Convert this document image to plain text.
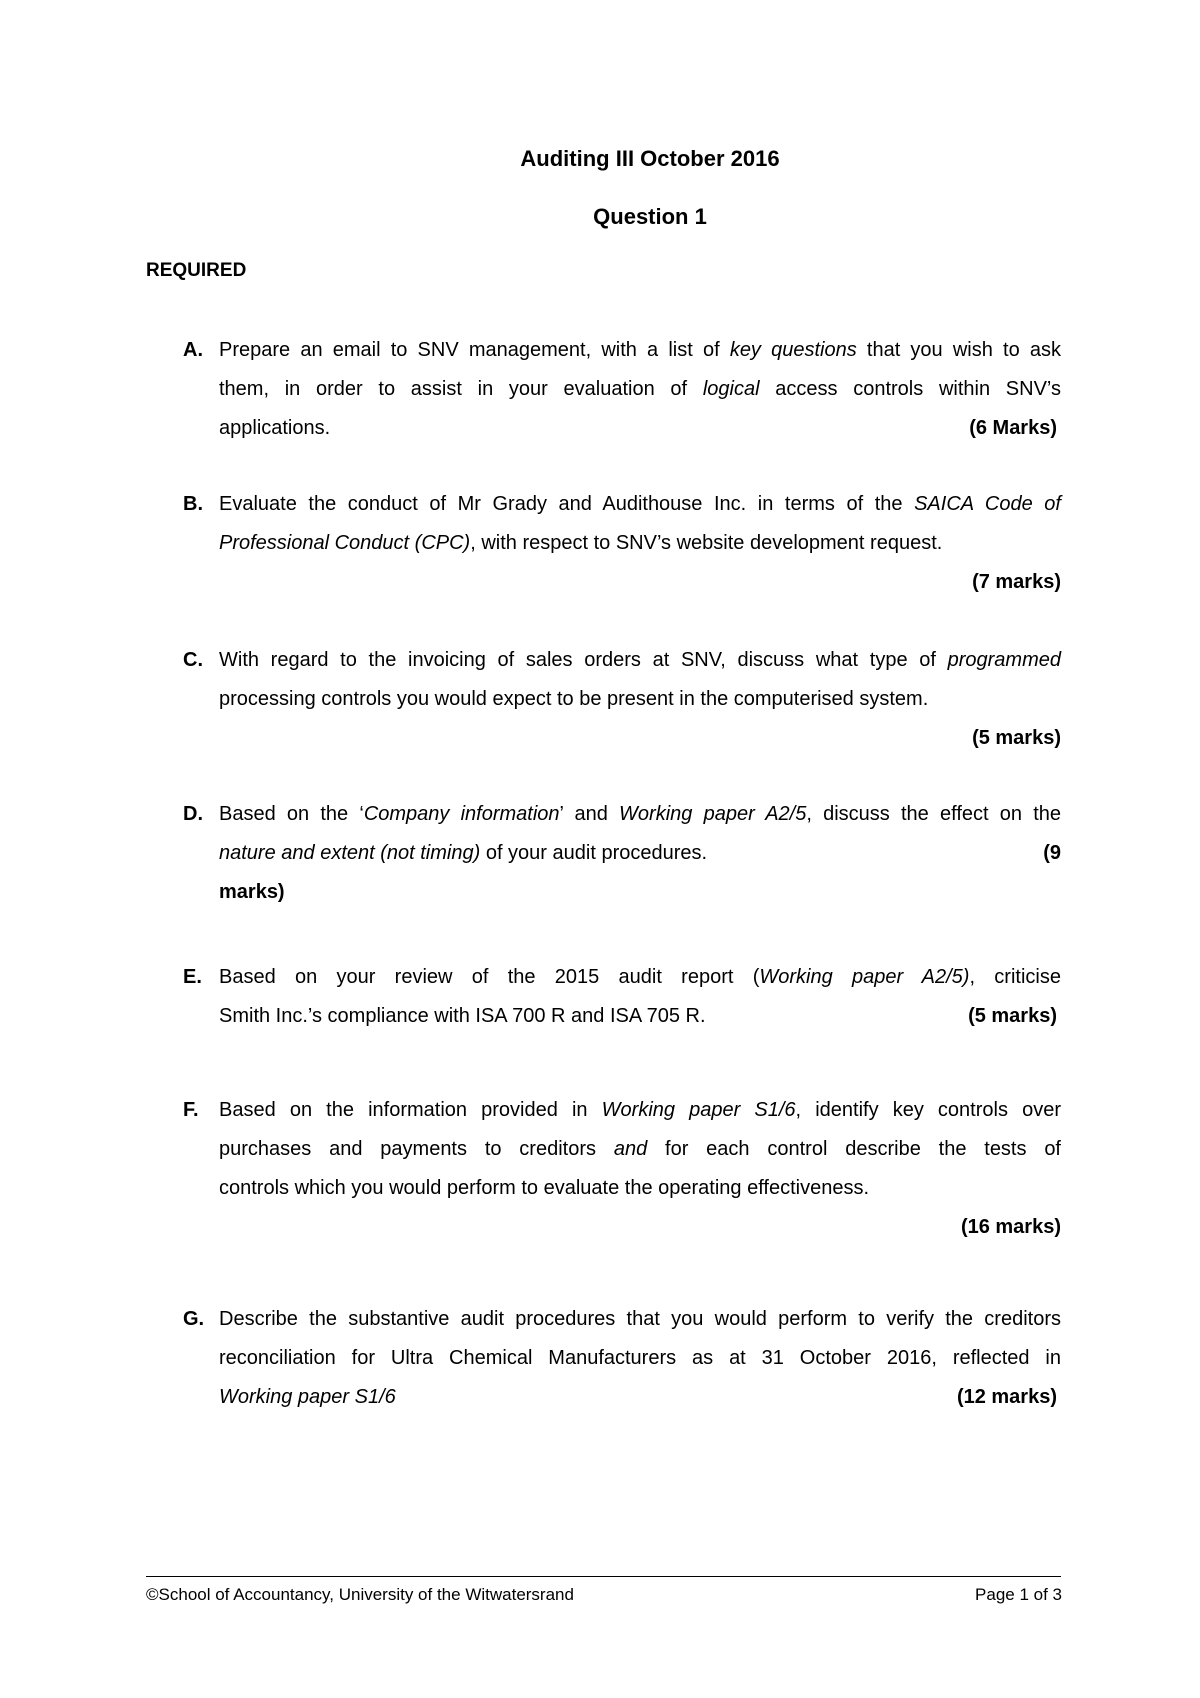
Auditing III October 2016
Question 1
REQUIRED
A. Prepare an email to SNV management, with a list of key questions that you wish to ask
them, in order to assist in your evaluation of logical access controls within SNV’s
applications.	(6 Marks)
B. Evaluate the conduct of Mr Grady and Audithouse Inc. in terms of the SAICA Code of
Professional Conduct (CPC), with respect to SNV’s website development request.
(7 marks)
C. With regard to the invoicing of sales orders at SNV, discuss what type of programmed
processing controls you would expect to be present in the computerised system.
(5 marks)
D. Based on the ‘Company information’ and Working paper A2/5, discuss the effect on the
nature and extent (not timing) of your audit procedures.	(9
marks)
E. Based on your review of the 2015 audit report (Working paper A2/5), criticise
Smith Inc.’s compliance with ISA 700 R and ISA 705 R.	(5 marks)
F. Based on the information provided in Working paper S1/6, identify key controls over
purchases and payments to creditors and for each control describe the tests of
controls which you would perform to evaluate the operating effectiveness.
(16 marks)
G. Describe the substantive audit procedures that you would perform to verify the creditors
reconciliation for Ultra Chemical Manufacturers as at 31 October 2016, reflected in
Working paper S1/6	(12 marks)
©School of Accountancy, University of the Witwatersrand	Page 1 of 3
